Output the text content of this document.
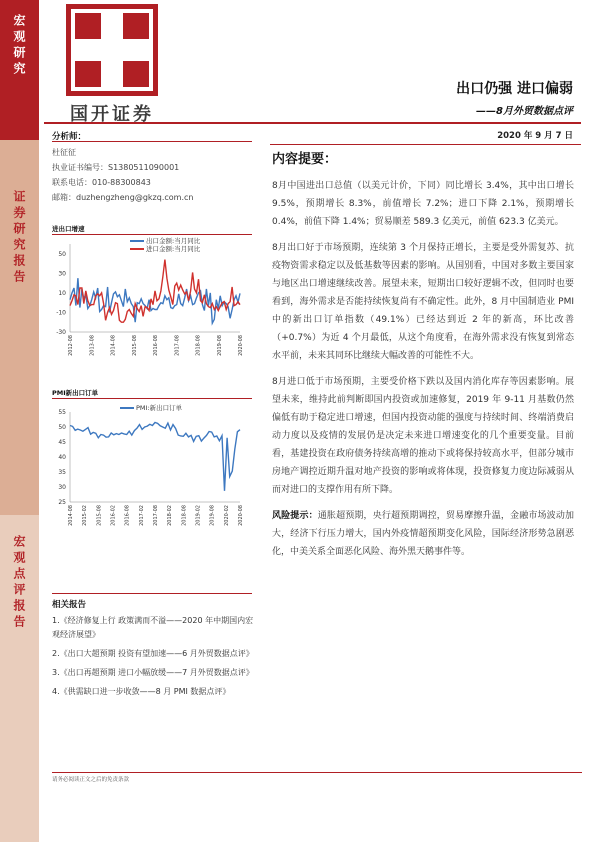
宏观研究
证券研究报告
宏观点评报告
国开证券
出口仍强 进口偏弱
——8月外贸数据点评
2020 年 9 月 7 日
分析师：
杜征征
执业证书编号：S1380511090001
联系电话：010-88300843
邮箱：duzhengzheng@gkzq.com.cn
进出口增速
-30
-10
10
30
50
2012-08	2013-08	2014-08	2015-08	2016-08	2017-08	2018-08	2019-08	2020-08
出口金额:当月同比
进口金额:当月同比
PMI新出口订单
25
30
35
40
45
50
55
2014-08 2015-02 2015-08 2016-02 2016-08 2017-02 2017-08 2018-02 2018-08 2019-02 2019-08 2020-02 2020-08
PMI:新出口订单
相关报告
1.《经济修复上行 政策满而不溢——2020 年中期国内宏观经济展望》
2.《出口大超预期 投资有望加速——6 月外贸数据点评》
3.《出口再超预期 进口小幅放缓——7 月外贸数据点评》
4.《供需缺口进一步收敛——8 月 PMI 数据点评》
内容提要：
8月中国进出口总值（以美元计价，下同）同比增长 3.4%，其中出口增长 9.5%，预期增长 8.3%，前值增长 7.2%；进口下降 2.1%，预期增长 0.4%，前值下降 1.4%；贸易顺差 589.3 亿美元，前值 623.3 亿美元。
8月出口好于市场预期，连续第 3 个月保持正增长，主要是受外需复苏、抗疫物资需求稳定以及低基数等因素的影响。从国别看，中国对多数主要国家与地区出口增速继续改善。展望未来，短期出口较好逻辑不改，但同时也要看到，海外需求是否能持续恢复尚有不确定性。此外，8 月中国制造业 PMI 中的新出口订单指数（49.1%）已经达到近 2 年的新高，环比改善（+0.7%）为近 4 个月最低，从这个角度看，在海外需求没有恢复到常态水平前，未来其同环比继续大幅改善的可能性不大。
8月进口低于市场预期，主要受价格下跌以及国内消化库存等因素影响。展望未来，维持此前判断即国内投资或加速修复，2019 年 9-11 月基数仍然偏低有助于稳定进口增速，但国内投资动能的强度与持续时间、终端消费启动力度以及疫情的发展仍是决定未来进口增速变化的几个重要变量。目前看，基建投资在政府债务持续高增的推动下或将保持较高水平，但部分城市房地产调控近期升温对地产投资的影响或将体现，投资修复力度边际减弱从而对进口的支撑作用有所下降。
风险提示：通胀超预期，央行超预期调控，贸易摩擦升温，金融市场波动加大，经济下行压力增大，国内外疫情超预期变化风险，国际经济形势急剧恶化，中美关系全面恶化风险、海外黑天鹅事件等。
请务必阅读正文之后的免责条款
